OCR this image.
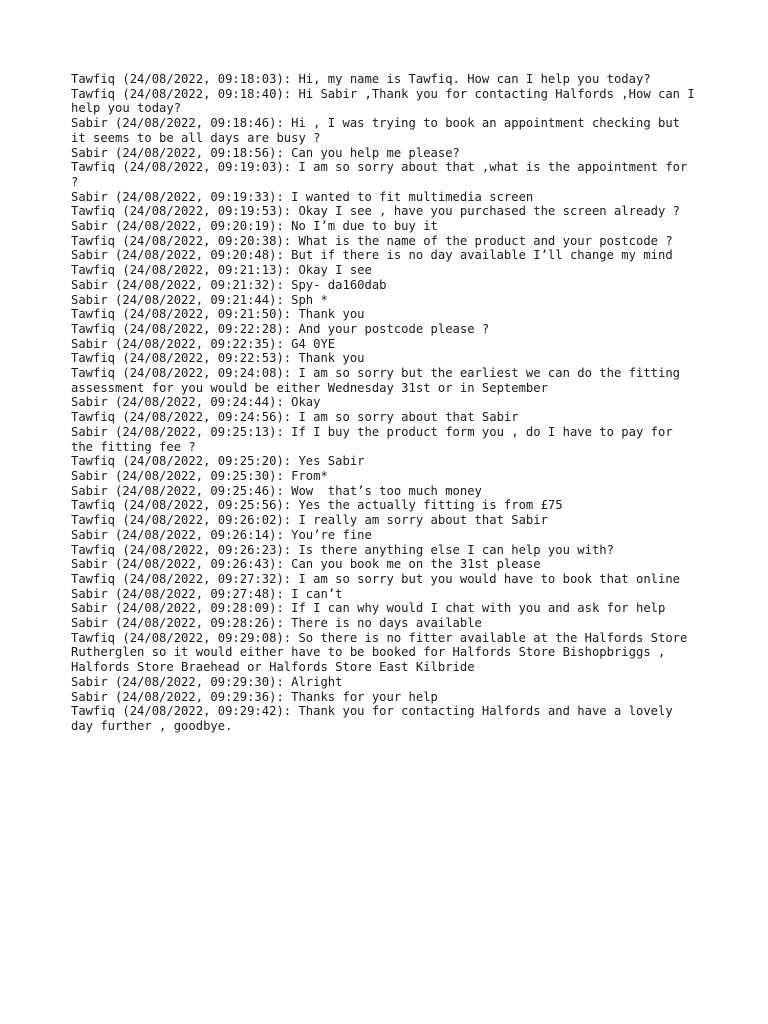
Tawfiq (24/08/2022, 09:18:03): Hi, my name is Tawfiq. How can I help you today?
Tawfiq (24/08/2022, 09:18:40): Hi Sabir ,Thank you for contacting Halfords ,How can I help you today?
Sabir (24/08/2022, 09:18:46): Hi , I was trying to book an appointment checking but it seems to be all days are busy ?
Sabir (24/08/2022, 09:18:56): Can you help me please?
Tawfiq (24/08/2022, 09:19:03): I am so sorry about that ,what is the appointment for ?
Sabir (24/08/2022, 09:19:33): I wanted to fit multimedia screen
Tawfiq (24/08/2022, 09:19:53): Okay I see , have you purchased the screen already ?
Sabir (24/08/2022, 09:20:19): No I’m due to buy it
Tawfiq (24/08/2022, 09:20:38): What is the name of the product and your postcode ?
Sabir (24/08/2022, 09:20:48): But if there is no day available I’ll change my mind
Tawfiq (24/08/2022, 09:21:13): Okay I see
Sabir (24/08/2022, 09:21:32): Spy- da160dab
Sabir (24/08/2022, 09:21:44): Sph *
Tawfiq (24/08/2022, 09:21:50): Thank you
Tawfiq (24/08/2022, 09:22:28): And your postcode please ?
Sabir (24/08/2022, 09:22:35): G4 0YE
Tawfiq (24/08/2022, 09:22:53): Thank you
Tawfiq (24/08/2022, 09:24:08): I am so sorry but the earliest we can do the fitting assessment for you would be either Wednesday 31st or in September
Sabir (24/08/2022, 09:24:44): Okay
Tawfiq (24/08/2022, 09:24:56): I am so sorry about that Sabir
Sabir (24/08/2022, 09:25:13): If I buy the product form you , do I have to pay for the fitting fee ?
Tawfiq (24/08/2022, 09:25:20): Yes Sabir
Sabir (24/08/2022, 09:25:30): From*
Sabir (24/08/2022, 09:25:46): Wow  that’s too much money
Tawfiq (24/08/2022, 09:25:56): Yes the actually fitting is from £75
Tawfiq (24/08/2022, 09:26:02): I really am sorry about that Sabir
Sabir (24/08/2022, 09:26:14): You’re fine
Tawfiq (24/08/2022, 09:26:23): Is there anything else I can help you with?
Sabir (24/08/2022, 09:26:43): Can you book me on the 31st please
Tawfiq (24/08/2022, 09:27:32): I am so sorry but you would have to book that online
Sabir (24/08/2022, 09:27:48): I can’t
Sabir (24/08/2022, 09:28:09): If I can why would I chat with you and ask for help
Sabir (24/08/2022, 09:28:26): There is no days available
Tawfiq (24/08/2022, 09:29:08): So there is no fitter available at the Halfords Store Rutherglen so it would either have to be booked for Halfords Store Bishopbriggs , Halfords Store Braehead or Halfords Store East Kilbride
Sabir (24/08/2022, 09:29:30): Alright
Sabir (24/08/2022, 09:29:36): Thanks for your help
Tawfiq (24/08/2022, 09:29:42): Thank you for contacting Halfords and have a lovely day further , goodbye.
